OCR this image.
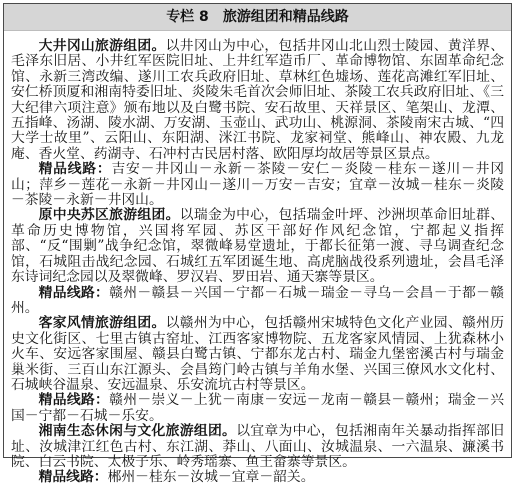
专栏 8 旅游组团和精品线路

大井冈山旅游组团。以井冈山为中心，包括井冈山北山烈士陵园、黄洋界、毛泽东旧居、小井红军医院旧址、上井红军造币厂、革命博物馆、东固革命纪念馆、永新三湾改编、遂川工农兵政府旧址、草林红色墟场、莲花高滩红军旧址、安仁桥顶厦和湘南特委旧址、炎陵朱毛首次会师旧址、茶陵工农兵政府旧址、《三大纪律六项注意》颁布地以及白鹭书院、安石故里、天祥景区、笔架山、龙潭、五指峰、汤湖、陵水湖、万安湖、玉壶山、武功山、桃源洞、茶陵南宋古城、“四大学士故里”、云阳山、东阳湖、洣江书院、龙家祠堂、熊峰山、神农殿、九龙庵、香火堂、药湖寺、石冲村古民居村落、欧阳厚均故居等景区景点。

精品线路：吉安－井冈山－永新－茶陵－安仁－炎陵－桂东－遂川－井冈山；萍乡－莲花－永新－井冈山－遂川－万安－吉安；宜章－汝城－桂东－炎陵－茶陵－永新－井冈山。

原中央苏区旅游组团。以瑞金为中心，包括瑞金叶坪、沙洲坝革命旧址群、革命历史博物馆，兴国将军园、苏区干部好作风纪念馆，宁都起义指挥部、“反“围剿”战争纪念馆，翠微峰易堂遗址，于都长征第一渡、寻乌调查纪念馆，石城阻击战纪念园、石城红五军团诞生地、高虎脑战役系列遗址，会昌毛泽东诗词纪念园以及翠微峰、罗汉岩、罗田岩、通天寨等景区。

精品线路：赣州－赣县－兴国－宁都－石城－瑞金－寻乌－会昌－于都－赣州。

客家风情旅游组团。以赣州为中心，包括赣州宋城特色文化产业园、赣州历史文化街区、七里古镇古窑址、江西客家博物院、五龙客家风情园、上犹森林小火车、安远客家围屋、赣县白鹭古镇、宁都东龙古村、瑞金九堡密溪古村与瑞金巢米街、三百山东江源头、会昌筠门岭古镇与羊角水堡、兴国三僚风水文化村、石城峡谷温泉、安远温泉、乐安流坑古村等景区。

精品线路：赣州－崇义－上犹－南康－安远－龙南－赣县－赣州；瑞金－兴国－宁都－石城－乐安。

湘南生态休闲与文化旅游组团。以宜章为中心，包括湘南年关暴动指挥部旧址、汝城津江红色古村、东江湖、莽山、八面山、汝城温泉、一六温泉、濂溪书院、白云书院、太极子乐、岭秀瑶寨、鱼王畲寨等景区。

精品线路：郴州－桂东－汝城－宜章－韶关。
